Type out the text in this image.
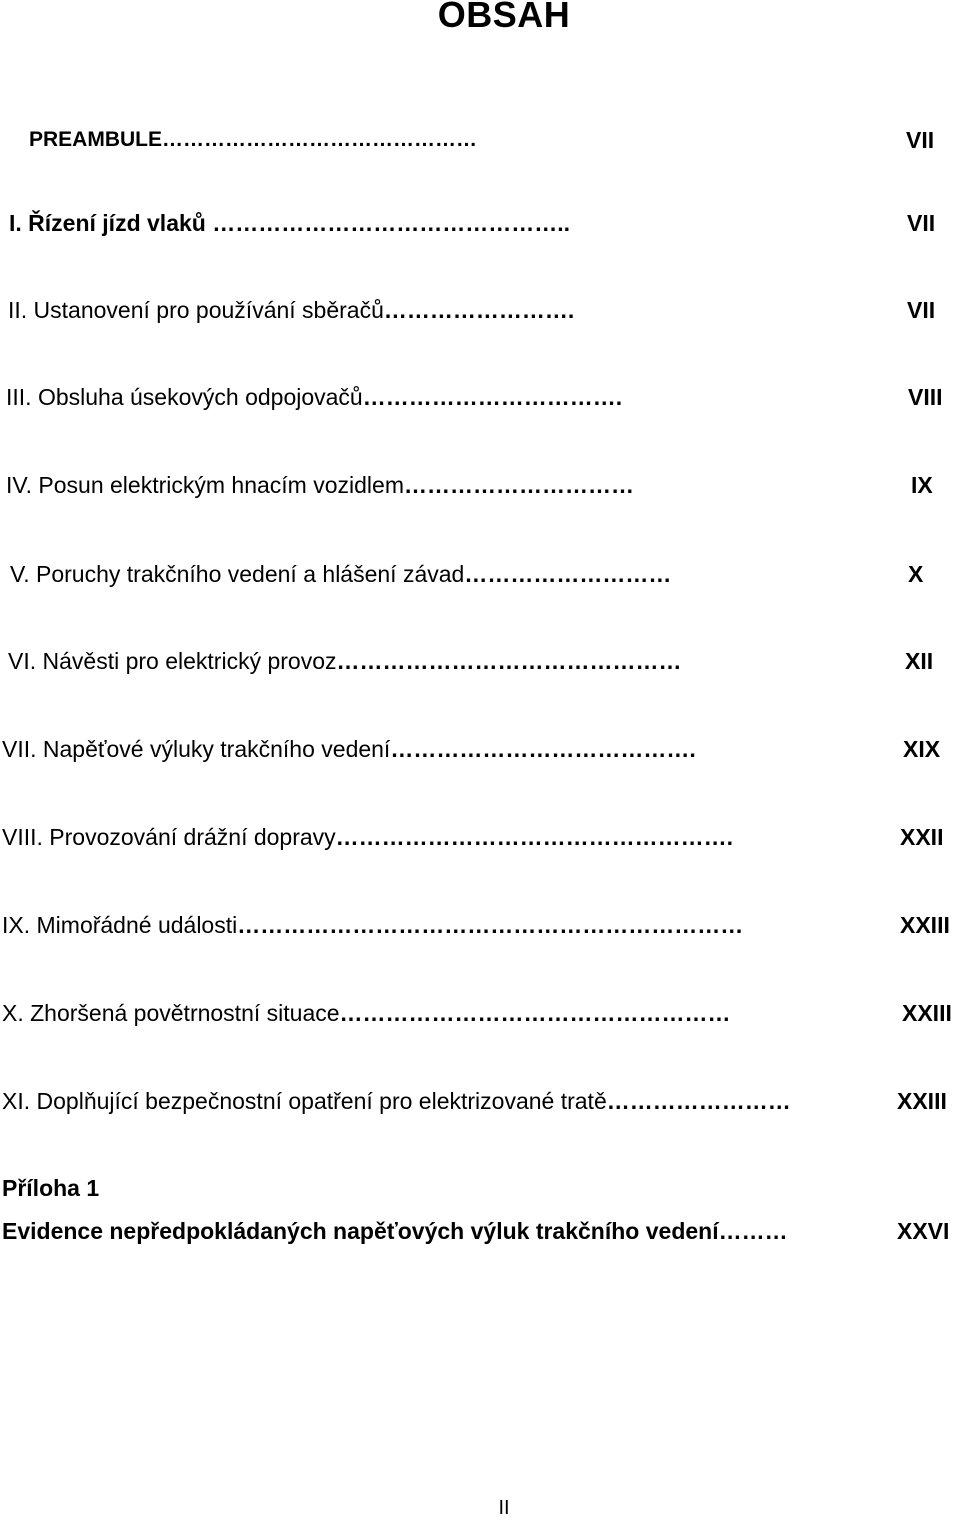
OBSAH
PREAMBULE………………………………………	VII
I. Řízení jízd vlaků ………………………………………..	VII
II. Ustanovení pro používání sběračů…………………….	VII
III. Obsluha úsekových odpojovačů…………………………….	VIII
IV. Posun elektrickým hnacím vozidlem…………………………	IX
V. Poruchy trakčního vedení a hlášení závad………………………	X
VI. Návěsti pro elektrický provoz………………………………………	XII
VII. Napěťové výluky trakčního vedení………………………………….	XIX
VIII. Provozování drážní dopravy…………………………………………….	XXII
IX. Mimořádné události…………………………………………………………	XXIII
X. Zhoršená povětrnostní situace……………………………………………	XXIII
XI. Doplňující bezpečnostní opatření pro elektrizované tratě……………………	XXIII
Příloha 1
Evidence nepředpokládaných napěťových výluk trakčního vedení………	XXVI
II
